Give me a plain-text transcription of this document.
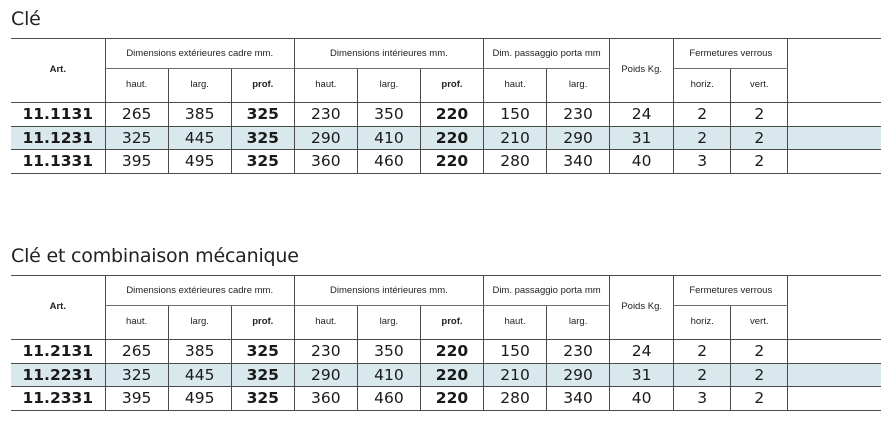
Clé
Art.	Dimensions extérieures cadre mm.			Dimensions intérieures mm.			Dim. passaggio porta mm		Poids Kg.	Fermetures verrous		
	haut.	larg.	prof.	haut.	larg.	prof.	haut.	larg.		horiz.	vert.	

11.1131	265	385	325	230	350	220	150	230	24	2	2	
11.1231	325	445	325	290	410	220	210	290	31	2	2	
11.1331	395	495	325	360	460	220	280	340	40	3	2	
Clé et combinaison mécanique
Art.	Dimensions extérieures cadre mm.			Dimensions intérieures mm.			Dim. passaggio porta mm		Poids Kg.	Fermetures verrous		
	haut.	larg.	prof.	haut.	larg.	prof.	haut.	larg.		horiz.	vert.	

11.2131	265	385	325	230	350	220	150	230	24	2	2	
11.2231	325	445	325	290	410	220	210	290	31	2	2	
11.2331	395	495	325	360	460	220	280	340	40	3	2	
